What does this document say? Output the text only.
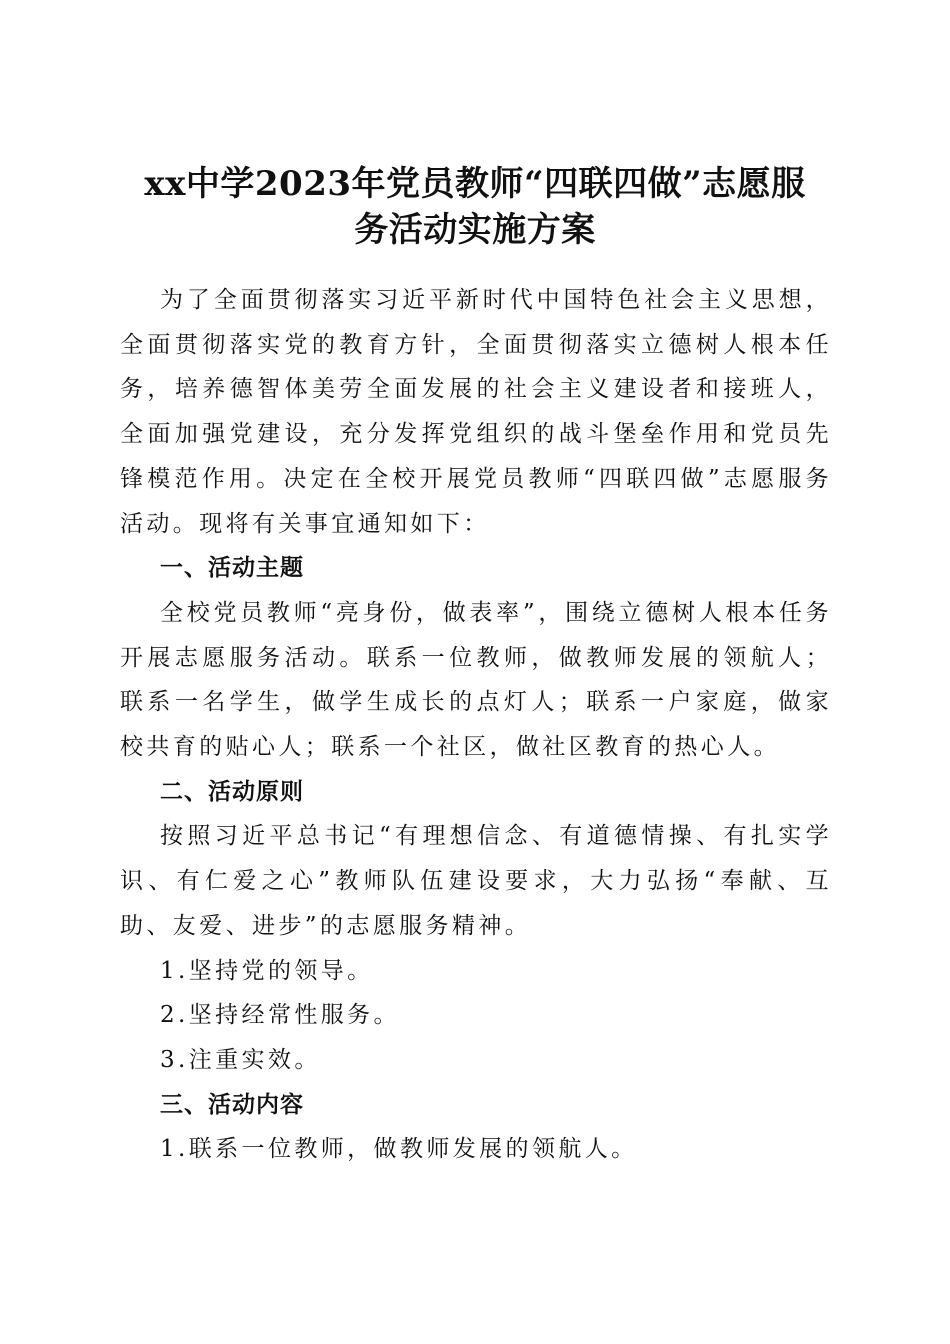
xx中学2023年党员教师“四联四做”志愿服
务活动实施方案

为了全面贯彻落实习近平新时代中国特色社会主义思想，全面贯彻落实党的教育方针，全面贯彻落实立德树人根本任务，培养德智体美劳全面发展的社会主义建设者和接班人，全面加强党建设，充分发挥党组织的战斗堡垒作用和党员先锋模范作用。决定在全校开展党员教师“四联四做”志愿服务活动。现将有关事宜通知如下：

一、活动主题

全校党员教师“亮身份，做表率”，围绕立德树人根本任务开展志愿服务活动。联系一位教师，做教师发展的领航人；联系一名学生，做学生成长的点灯人；联系一户家庭，做家校共育的贴心人；联系一个社区，做社区教育的热心人。

二、活动原则

按照习近平总书记“有理想信念、有道德情操、有扎实学识、有仁爱之心”教师队伍建设要求，大力弘扬“奉献、互助、友爱、进步”的志愿服务精神。

1.坚持党的领导。

2.坚持经常性服务。

3.注重实效。

三、活动内容

1.联系一位教师，做教师发展的领航人。
